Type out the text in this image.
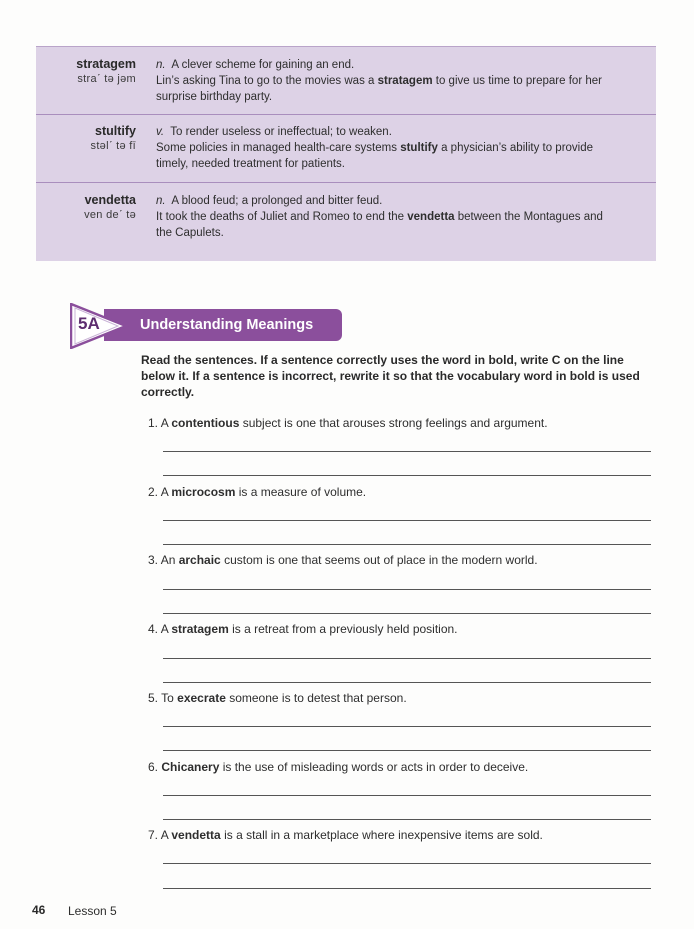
stratagem
straˊ tə jəm
n. A clever scheme for gaining an end.
Lin’s asking Tina to go to the movies was a stratagem to give us time to prepare for her
surprise birthday party.
stultify
stəlˊ tə fī
v. To render useless or ineffectual; to weaken.
Some policies in managed health-care systems stultify a physician’s ability to provide
timely, needed treatment for patients.
vendetta
ven deˊ tə
n. A blood feud; a prolonged and bitter feud.
It took the deaths of Juliet and Romeo to end the vendetta between the Montagues and
the Capulets.
5A	Understanding Meanings
Read the sentences. If a sentence correctly uses the word in bold, write C on the line below it. If a sentence is incorrect, rewrite it so that the vocabulary word in bold is used correctly.
1. A contentious subject is one that arouses strong feelings and argument.
2. A microcosm is a measure of volume.
3. An archaic custom is one that seems out of place in the modern world.
4. A stratagem is a retreat from a previously held position.
5. To execrate someone is to detest that person.
6. Chicanery is the use of misleading words or acts in order to deceive.
7. A vendetta is a stall in a marketplace where inexpensive items are sold.
46 Lesson 5
